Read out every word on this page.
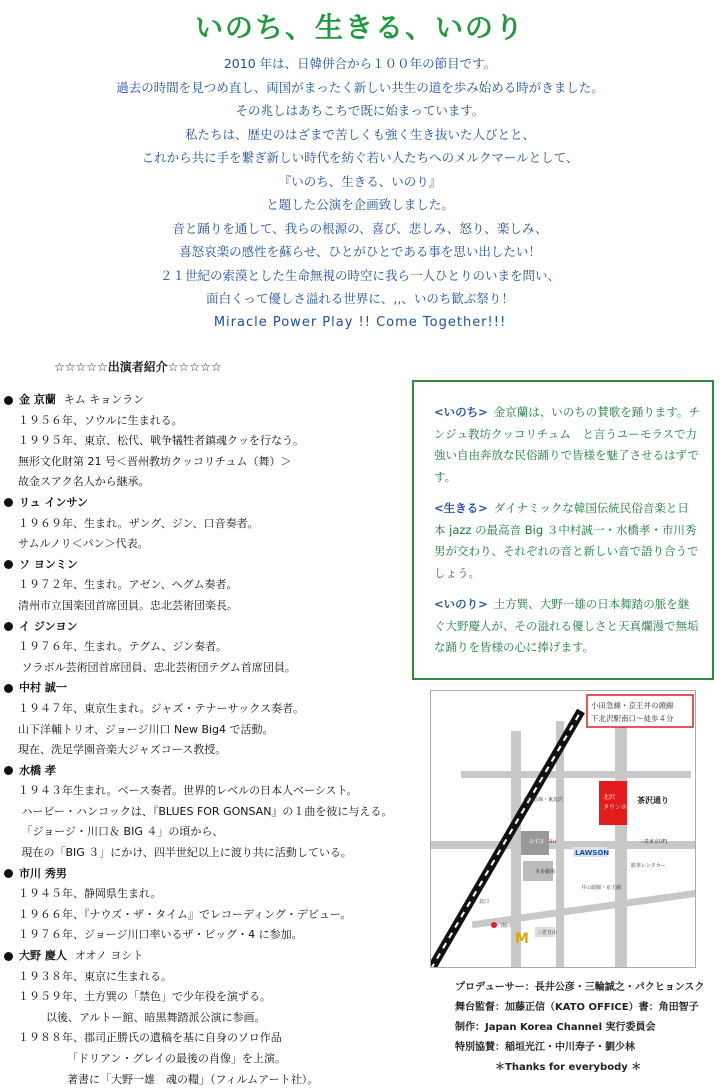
いのち、生きる、いのり
2010 年は、日韓併合から１００年の節目です。
過去の時間を見つめ直し、両国がまったく新しい共生の道を歩み始める時がきました。
その兆しはあちこちで既に始まっています。
私たちは、歴史のはざまで苦しくも強く生き抜いた人びとと、
これから共に手を繋ぎ新しい時代を紡ぐ若い人たちへのメルクマールとして、
『いのち、生きる、いのり』
と題した公演を企画致しました。
音と踊りを通して、我らの根源の、喜び、悲しみ、怒り、楽しみ、
喜怒哀楽の感性を蘇らせ、ひとがひとである事を思い出したい！
２１世紀の索漠とした生命無視の時空に我ら一人ひとりのいまを問い、
面白くって優しさ溢れる世界に、,,、いのち歓ぶ祭り！
Miracle Power Play !! Come Together!!!
☆☆☆☆☆出演者紹介☆☆☆☆☆
金 京蘭 キム キョンラン
１９５６年、ソウルに生まれる。
１９９５年、東京、松代、戦争犠牲者鎮魂クッを行なう。
無形文化財第 21 号＜晋州教坊クッコリチュム（舞）＞
故金スアク名人から継承。
リュ インサン
１９６９年、生まれ。ザング、ジン、口音奏者。
サムルノリ＜パン＞代表。
ソ ヨンミン
１９７２年、生まれ。アゼン、ヘグム奏者。
清州市立国楽団首席団員。忠北芸術団楽長。
イ ジンヨン
１９７６年、生まれ。テグム、ジン奏者。
ソラボル芸術団首席団員、忠北芸術団テグム首席団員。
中村 誠一
１９４７年、東京生まれ。ジャズ・テナーサックス奏者。
山下洋輔トリオ、ジョージ川口 New Big4 で活動。
現在、洗足学園音楽大ジャズコース教授。
水橋 孝
１９４３年生まれ。ベース奏者。世界的レベルの日本人ベーシスト。
ハービー・ハンコックは、『BLUES FOR GONSAN』の１曲を彼に与える。
「ジョージ・川口＆ BIG ４」の頃から、
現在の「BIG ３」にかけ、四半世紀以上に渡り共に活動している。
市川 秀男
１９４５年、静岡県生まれ。
１９６６年、『ナウズ・ザ・タイム』でレコーディング・デビュー。
１９７６年、ジョージ川口率いるザ・ビッグ・4 に参加。
大野 慶人 オオノ ヨシト
１９３８年、東京に生まれる。
１９５９年、土方巽の「禁色」で少年役を演ずる。
以後、アルトー館、暗黒舞踏派公演に参画。
１９８８年、郡司正勝氏の遺稿を基に自身のソロ作品
「ドリアン・グレイの最後の肖像」を上演。
著書に「大野一雄　魂の糧」（フィルムアート社）。
<いのち> 金京蘭は、いのちの賛歌を踊ります。チンジュ教坊クッコリチュム　と言うユーモラスで力強い自由奔放な民俗踊りで皆様を魅了させるはずです。
<生きる> ダイナミックな韓国伝統民俗音楽と日本 jazz の最高音 Big ３中村誠一・水橋孝・市川秀男が交わり、それぞれの音と新しい音で語り合うでしょう。
<いのり> 土方巽、大野一雄の日本舞踏の脈を継ぐ大野慶人が、その溢れる優しさと天真爛漫で無垢な踊りを皆様の心に捧げます。
北沢
タウンホール
LAWSON
茶沢通り
au
みずほ	三菱東京UFJ
本多劇場
駐車レンタカー
井の頭線・京王線
小田急線・東北沢
下北沢
北口
南口
三省自由
M
小田急線・京王井の頭線
下北沢駅南口〜徒歩４分
プロデューサー：長井公彦・三輪誠之・パクヒョンスク
舞台監督：加藤正信（KATO OFFICE）書：角田智子
制作：Japan Korea Channel 実行委員会
特別協賛：稲垣光江・中川寿子・劉少林
＊Thanks for everybody ＊
